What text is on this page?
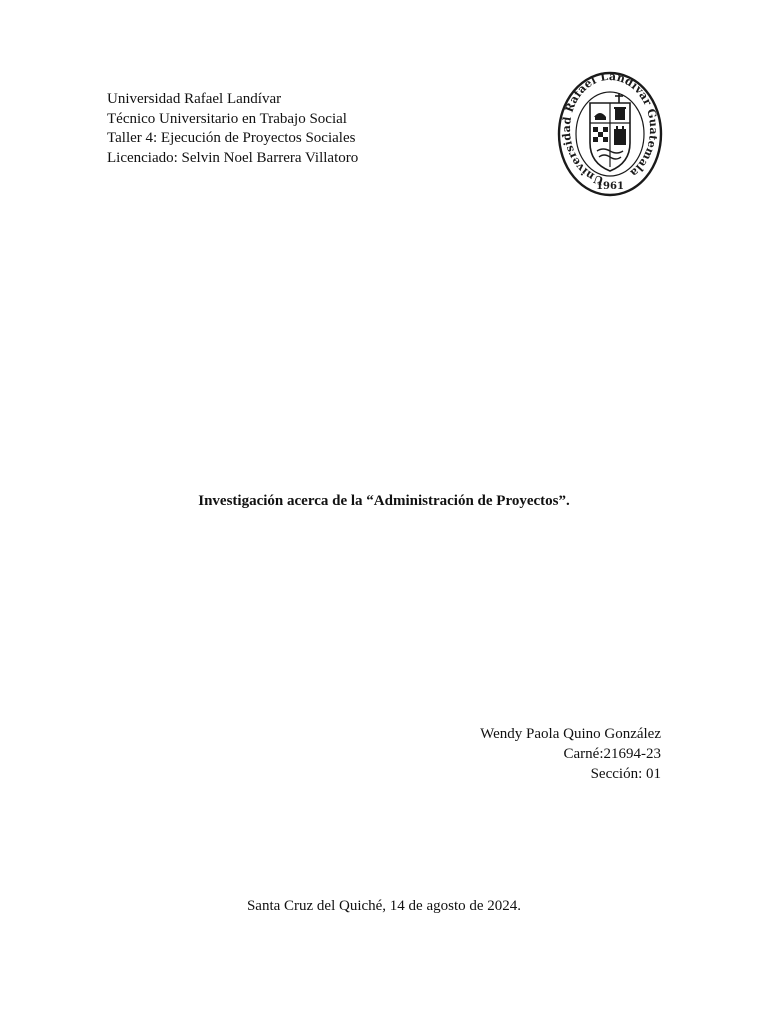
Universidad Rafael Landívar
Técnico Universitario en Trabajo Social
Taller 4: Ejecución de Proyectos Sociales
Licenciado: Selvin Noel Barrera Villatoro
Universidad Rafael Landívar Guatemala
1961
Investigación acerca de la “Administración de Proyectos”.
Wendy Paola Quino González
Carné:21694-23
Sección: 01
Santa Cruz del Quiché, 14 de agosto de 2024.
